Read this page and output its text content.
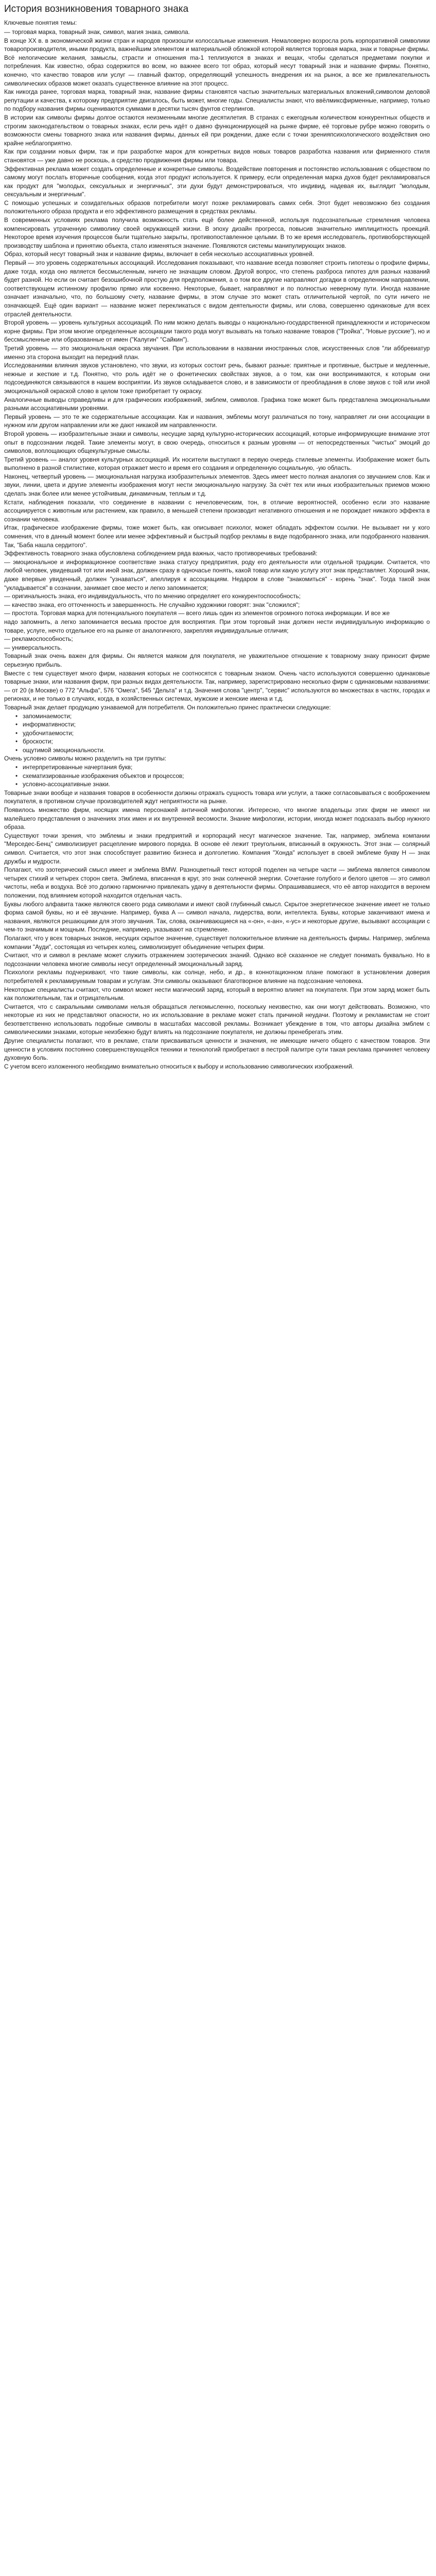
История возникновения товарного знака
Ключевые понятия темы:

— торговая марка, товарный знак, символ, магия знака, символа.

В конце XX в. в экономической жизни стран и народов произошли колоссальные изменения. Немаловерно возросла роль корпоративной символики товаропроизводителя, иными продукта, важнейшим элементом и материальной обложкой которой является торговая марка, знак и товарные фирмы.

Всё нелогические желания, замыслы, страсти и отношения ma-1 теплизуются в знаках и вещах, чтобы сделаться предметами покупки и потребления. Как известно, образ содержится во всем, но важнее всего тот образ, который несут товарный знак и название фирмы. Понятно, конечно, что качество товаров или услуг — главный фактор, определяющий успешность внедрения их на рынок, а все же привлекательность символических образов может оказать существенное влияние на этот процесс.

Как никогда ранее, торговая марка, товарный знак, название фирмы становятся частью значительных материальных вложений,символом деловой репутации и качества, к которому предприятие двигалось, быть может, многие годы. Специалисты знают, что ввёлмиксфирменные, например, только по подбору названия фирмы оцениваются суммами в десятки тысяч фунтов стерлингов.

В истории как символы фирмы долгое остаются неизменными многие десятилетия. В странах с ежегодным количеством конкурентных обществ и строгим законодательством о товарных знаках, если речь идёт о давно функционирующей на рынке фирме, её торговые рубре можно говорить о возможности смены товарного знака или названия фирмы, данных ей при рождении, даже если с точки зренияпсихологического воздействия оно крайне неблагоприятно.

Как при создании новых фирм, так и при разработке марок для конкретных видов новых товаров разработка названия или фирменного стиля становятся — уже давно не роскошь, а средство продвижения фирмы или товара.

Эффективная реклама может создать определенные и конкретные символы. Воздействие повторения и постоянство использования с обществом по самому могут послать вторичные сообщения, когда этот продукт используется. К примеру, если определенная марка духов будет рекламироваться как продукт для "молодых, сексуальных и энергичных", эти духи будут демонстрироваться, что индивид, надевая их, выглядит "молодым, сексуальным и энергичным".

С помощью успешных и созидательных образов потребители могут позже рекламировать самих себя. Этот будет невозможно без создания положительного образа продукта и его эффективного размещения в средствах рекламы.

В современных условиях реклама получила возможность стать ещё более действенной, используя подсознательные стремления человека компенсировать утраченную символику своей окружающей жизни. В эпоху дизайн прогресса, повысив значительно имплицитность проекций. Некоторое время изучения процессов были тщательно закрыты, противопоставленное целыми. В то же время исследователь, противоборствующей производству шаблона и принятию объекта, стало изменяться значение. Появляются системы манипулирующих знаков.

Образ, который несут товарный знак и название фирмы, включает в себя несколько ассоциативных уровней.

Первый — это уровень содержательных ассоциаций. Исследования показывают, что название всегда позволяет строить гипотезы о профиле фирмы, даже тогда, когда оно является бессмысленным, ничего не значащим словом. Другой вопрос, что степень разброса гипотез для разных названий будет разной. Но если он считает безошибочной простую для предположения, а о том все другие направляют догадки в определенном направлении, соответствующем истинному профилю прямо или косвенно. Некоторые, бывает, направляют и по полностью неверному пути. Иногда название означает изначально, что, по большому счету, название фирмы, в этом случае это может стать отличительной чертой, по сути ничего не означающей. Ещё один вариант — название может перекликаться с видом деятельности фирмы, или слова, совершенно одинаковые для всех отраслей деятельности.

Второй уровень — уровень культурных ассоциаций. По ним можно делать выводы о национально-государственной принадлежности и историческом корне фирмы. При этом многие определенные ассоциации такого рода могут вызывать на только название товаров ("Тройка", "Новые русские"), но и бессмысленные или образованные от имен ("Калугин" "Сайкин").

Третий уровень — это эмоциональная окраска звучания. При использовании в названии иностранных слов, искусственных слов "ли аббревиатур именно эта сторона выходит на передний план.

Исследованиями влияния звуков установлено, что звуки, из которых состоит речь, бывают разные: приятные и противные, быстрые и медленные, нежные и жесткие и т.д. Понятно, что роль идёт не о фонетических свойствах звуков, а о том, как они воспринимаются, к которым они подсоединяются связываются в нашем восприятии. Из звуков складывается слово, и в зависимости от преобладания в слове звуков с той или иной эмоциональной окраской слово в целом тоже приобретает ту окраску.

Аналогичные выводы справедливы и для графических изображений, эмблем, символов. Графика тоже может быть представлена эмоциональными разными ассоциативными уровнями.

Первый уровень — это те же содержательные ассоциации. Как и названия, эмблемы могут различаться по тону, направляет ли они ассоциации в нужном или другом направлении или же дают никакой им направленности.

Второй уровень — изобразительные знаки и символы, несущие заряд культурно-исторических ассоциаций, которые информирующие внимание этот опыт в подсознании людей. Такие элементы могут, в свою очередь, относиться к разным уровням — от непосредственных "чистых" эмоций до символов, воплощающих общекультурные смыслы.

Третий уровень — аналог уровня культурных ассоциаций. Их носители выступают в первую очередь стилевые элементы. Изображение может быть выполнено в разной стилистике, которая отражает место и время его создания и определенную социальную, -ую область.

Наконец, четвертый уровень — эмоциональная нагрузка изобразительных элементов. Здесь имеет место полная аналогия со звучанием слов. Как и звуки, линии, цвета и другие элементы изображения могут нести эмоциональную нагрузку. За счёт тех или иных изобразительных приемов можно сделать знак более или менее устойчивым, динамичным, теплым и т.д.

Кстати, наблюдения показали, что соединение в названии с нечеловеческим, тон, в отличие вероятностей, особенно если это название ассоциируется с животным или растением, как правило, в меньшей степени производит негативного отношения и не порождает никакого эффекта в сознании человека.

Итак, графическое изображение фирмы, тоже может быть, как описывает психолог, может обладать эффектом ссылки. Не вызывает ни у кого сомнения, что в данный момент более или менее эффективный и быстрый подбор рекламы в виде подобранного знака, или подобранного названия. Так, "Баба нашла сердитого".

Эффективность товарного знака обусловлена соблюдением ряда важных, часто противоречивых требований:

— эмоциональное и информационное соответствие знака статусу предприятия, роду его деятельности или отдельной традиции. Считается, что любой человек, увидевший тот или иной знак, должен сразу в одночасье понять, какой товар или какую услугу этот знак представляет. Хороший знак, даже впервые увиденный, должен "узнаваться", апеллируя к ассоциациям. Недаром в слове "знакомиться" - корень "знак". Тогда такой знак "укладывается" в сознании, занимает свое место и легко запоминается;

— оригинальность знака, его индивидуальность, что по мнению определяет его конкурентоспособность;

— качество знака, его отточенность и завершенность. Не случайно художники говорят: знак "сложился";

— простота. Торговая марка для потенциального покупателя — всего лишь один из элементов огромного потока информации. И все же

надо запомнить, а легко запоминается весьма простое для восприятия. При этом торговый знак должен нести индивидуальную информацию о товаре, услуге, нечто отдельное его на рынке от аналогичного, закрепляя индивидуальные отличия;

— рекламоспособность;

— универсальность.

Товарный знак очень важен для фирмы. Он является маяком для покупателя, не уважительное отношение к товарному знаку приносит фирме серьезную прибыль.

Вместе с тем существует много фирм, названия которых не соотносятся с товарным знаком. Очень часто используются совершенно одинаковые товарные знаки, или названия фирм, при разных видах деятельности. Так, например, зарегистрировано несколько фирм с одинаковыми названиями: — от 20 (в Москве) о 772 "Альфа", 576 "Омега", 545 "Дельта" и т.д. Значения слова "центр", "сервис" используются во множествах в частях, городах и регионах, и не только в случаях, когда, в хозяйственных системах, мужские и женские имена и т.д.

Товарный знак делает продукцию узнаваемой для потребителя. Он положительно принес практически следующие:

• запоминаемости;
• информативности;
• удобочитаемости;
• броскости;
• ощутимой эмоциональности.

Очень условно символы можно разделить на три группы:

• интерпретированные начертания букв;
• схематизированные изображения объектов и процессов;
• условно-ассоциативные знаки.

Товарные знаки вообще и названия товаров в особенности должны отражать сущность товара или услуги, а также согласовываться с вооброжением покупателя, в противном случае производителей ждут неприятности на рынке.

Появилось множество фирм, носящих имена персонажей античной мифологии. Интересно, что многие владельцы этих фирм не имеют ни малейшего представления о значениях этих имен и их внутренней весомости. Знание мифологии, истории, иногда может подсказать выбор нужного образа.

Существуют точки зрения, что эмблемы и знаки предприятий и корпораций несут магическое значение. Так, например, эмблема компании "Мерседес-Бенц" символизирует расцепление мирового порядка. В основе её лежит треугольник, вписанный в окружность. Этот знак — солярный символ. Считается, что этот знак способствует развитию бизнеса и долголетию. Компания "Хонда" использует в своей эмблеме букву H — знак дружбы и мудрости.

Полагают, что эзотерический смысл имеет и эмблема BMW. Разноцветный текст которой поделен на четыре части — эмблема является символом четырех стихий и четырех сторон света. Эмблема, вписанная в круг, это знак солнечной энергии. Сочетание голубого и белого цветов — это символ чистоты, неба и воздуха. Всё это должно гармонично привлекать удачу в деятельности фирмы. Опрашивавшиеся, что её автор находится в верхнем положении, под влиянием которой находится отдельная часть.

Буквы любого алфавита также являются своего рода символами и имеют свой глубинный смысл. Скрытое энергетическое значение имеет не только форма самой буквы, но и её звучание. Например, буква A — символ начала, лидерства, воли, интеллекта. Буквы, которые заканчивают имена и названия, являются решающими для этого звучания. Так, слова, оканчивающиеся на «-он», «-ан», «-ус» и некоторые другие, вызывают ассоциации с чем-то значимым и мощным. Последние, например, указывают на стремление.

Полагают, что у всех товарных знаков, несущих скрытое значение, существует положительное влияние на деятельность фирмы. Например, эмблема компании "Ауди", состоящая из четырех колец, символизирует объединение четырех фирм.

Считают, что и символ в рекламе может служить отражением эзотерических знаний. Однако всё сказанное не следует понимать буквально. Но в подсознании человека многие символы несут определенный эмоциональный заряд.

Психологи рекламы подчеркивают, что такие символы, как солнце, небо, и др., в коннотационном плане помогают в установлении доверия потребителей к рекламируемым товарам и услугам. Эти символы оказывают благотворное влияние на подсознание человека.

Некоторые специалисты считают, что символ может нести магический заряд, который в вероятно влияет на покупателя. При этом заряд может быть как положительным, так и отрицательным.

Считается, что с сакральными символами нельзя обращаться легкомысленно, поскольку неизвестно, как они могут действовать. Возможно, что некоторые из них не представляют опасности, но их использование в рекламе может стать причиной неудачи. Поэтому и рекламистам не стоит безответственно использовать подобные символы в масштабах массовой рекламы. Возникает убеждение в том, что авторы дизайна эмблем с символическими знаками, которые неизбежно будут влиять на подсознание покупателя, не должны пренебрегать этим.

Другие специалисты полагают, что в рекламе, стали присваиваться ценности и значения, не имеющие ничего общего с качеством товаров. Эти ценности в условиях постоянно совершенствующейся техники и технологий приобретают в пестрой палитре сути такая реклама причиняет человеку духовную боль.

С учетом всего изложенного необходимо внимательно относиться к выбору и использованию символических изображений.
